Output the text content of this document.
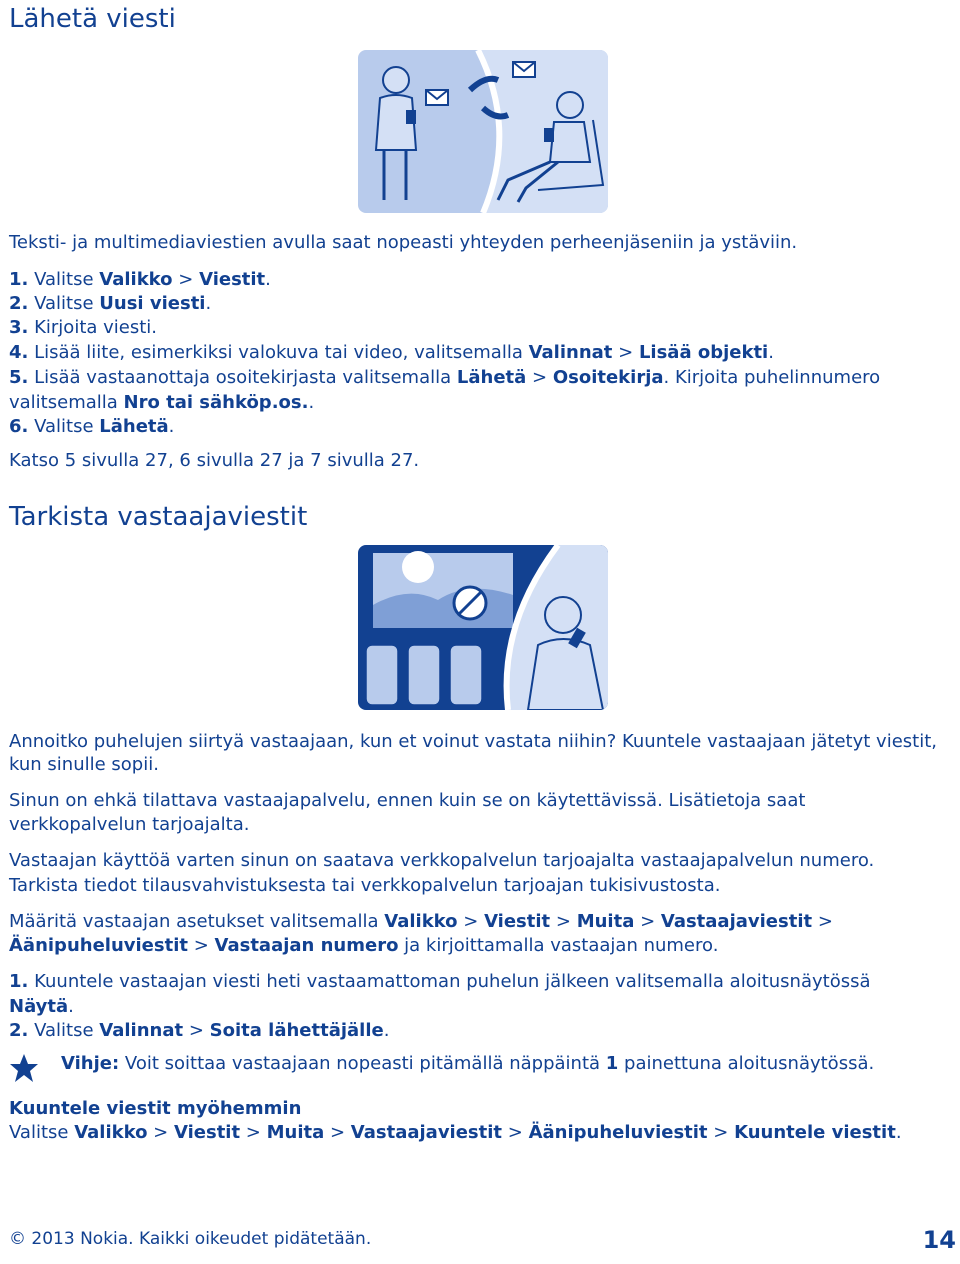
Lähetä viesti
Teksti- ja multimediaviestien avulla saat nopeasti yhteyden perheenjäseniin ja ystäviin.
1. Valitse Valikko > Viestit.
2. Valitse Uusi viesti.
3. Kirjoita viesti.
4. Lisää liite, esimerkiksi valokuva tai video, valitsemalla Valinnat > Lisää objekti.
5. Lisää vastaanottaja osoitekirjasta valitsemalla Lähetä > Osoitekirja. Kirjoita puhelinnumero
valitsemalla Nro tai sähköp.os..
6. Valitse Lähetä.
Katso 5 sivulla 27, 6 sivulla 27 ja 7 sivulla 27.
Tarkista vastaajaviestit
Annoitko puhelujen siirtyä vastaajaan, kun et voinut vastata niihin? Kuuntele vastaajaan jätetyt viestit,
kun sinulle sopii.
Sinun on ehkä tilattava vastaajapalvelu, ennen kuin se on käytettävissä. Lisätietoja saat
verkkopalvelun tarjoajalta.
Vastaajan käyttöä varten sinun on saatava verkkopalvelun tarjoajalta vastaajapalvelun numero.
Tarkista tiedot tilausvahvistuksesta tai verkkopalvelun tarjoajan tukisivustosta.
Määritä vastaajan asetukset valitsemalla Valikko > Viestit > Muita > Vastaajaviestit >
Äänipuheluviestit > Vastaajan numero ja kirjoittamalla vastaajan numero.
1. Kuuntele vastaajan viesti heti vastaamattoman puhelun jälkeen valitsemalla aloitusnäytössä
Näytä.
2. Valitse Valinnat > Soita lähettäjälle.
Vihje: Voit soittaa vastaajaan nopeasti pitämällä näppäintä 1 painettuna aloitusnäytössä.
Kuuntele viestit myöhemmin
Valitse Valikko > Viestit > Muita > Vastaajaviestit > Äänipuheluviestit > Kuuntele viestit.
© 2013 Nokia. Kaikki oikeudet pidätetään.	14
